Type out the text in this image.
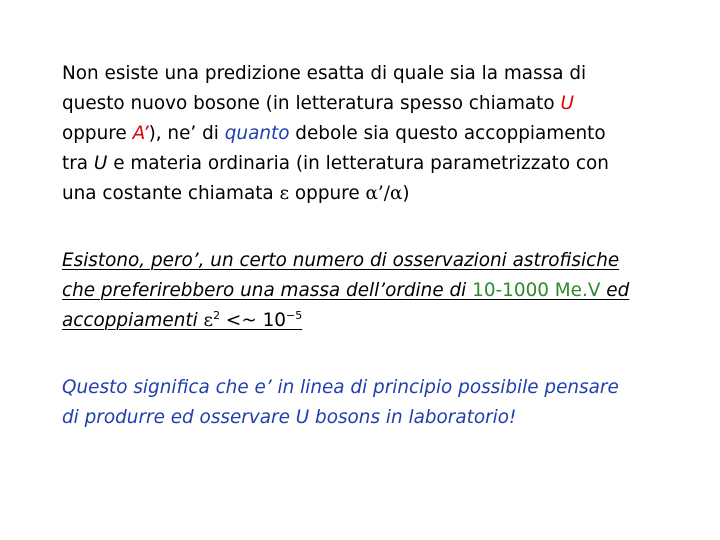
Non esiste una predizione esatta di quale sia la massa di
questo nuovo bosone (in letteratura spesso chiamato U
oppure A’), ne’ di quanto debole sia questo accoppiamento
tra U e materia ordinaria (in letteratura parametrizzato con
una costante chiamata ε oppure α’/α)
Esistono, pero’, un certo numero di osservazioni astrofisiche
che preferirebbero una massa dell’ordine di 10-1000 Me.V ed
accoppiamenti $\varepsilon^2$ <~ $10^{-5}$
Questo significa che e’ in linea di principio possibile pensare
di produrre ed osservare U bosons in laboratorio!
